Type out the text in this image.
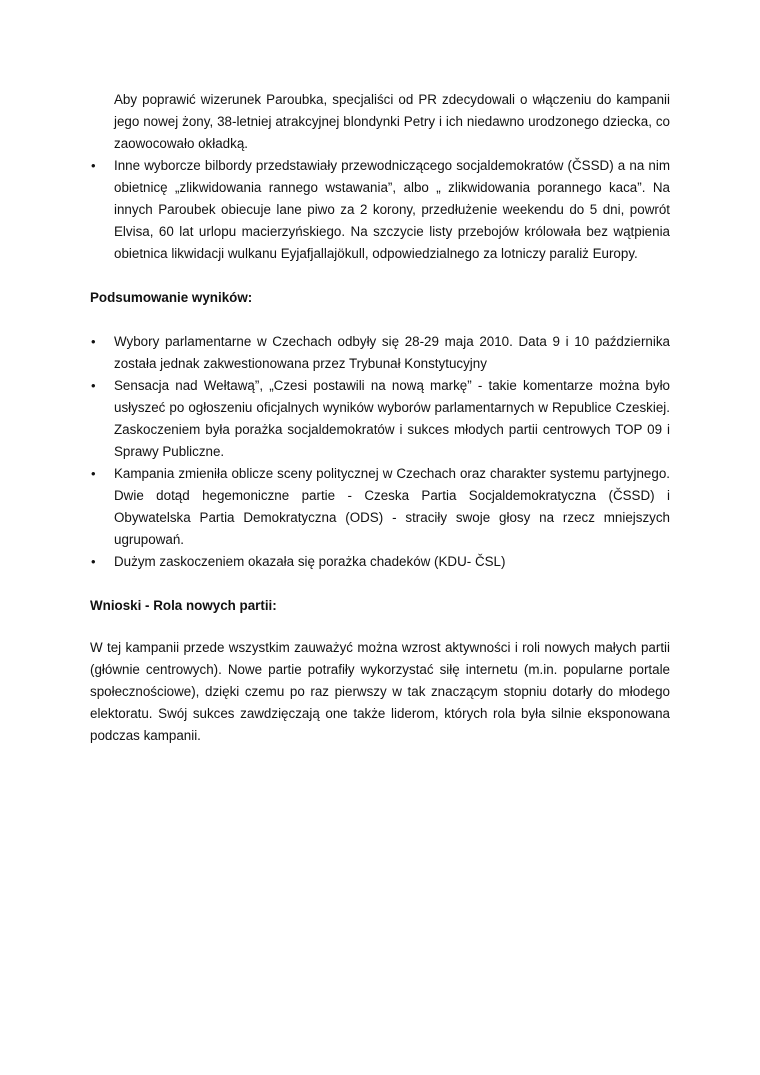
Aby poprawić wizerunek Paroubka, specjaliści od PR zdecydowali o włączeniu do kampanii jego nowej żony, 38-letniej atrakcyjnej blondynki Petry i ich niedawno urodzonego dziecka, co zaowocowało okładką.

• Inne wyborcze bilbordy przedstawiały przewodniczącego socjaldemokratów (ČSSD) a na nim obietnicę „zlikwidowania rannego wstawania”, albo „ zlikwidowania porannego kaca”. Na innych Paroubek obiecuje lane piwo za 2 korony, przedłużenie weekendu do 5 dni, powrót Elvisa, 60 lat urlopu macierzyńskiego. Na szczycie listy przebojów królowała bez wątpienia obietnica likwidacji wulkanu Eyjafjallajökull, odpowiedzialnego za lotniczy paraliż Europy.

Podsumowanie wyników:

• Wybory parlamentarne w Czechach odbyły się 28-29 maja 2010. Data 9 i 10 października została jednak zakwestionowana przez Trybunał Konstytucyjny
• Sensacja nad Wełtawą”, „Czesi postawili na nową markę” - takie komentarze można było usłyszeć po ogłoszeniu oficjalnych wyników wyborów parlamentarnych w Republice Czeskiej. Zaskoczeniem była porażka socjaldemokratów i sukces młodych partii centrowych TOP 09 i Sprawy Publiczne.
• Kampania zmieniła oblicze sceny politycznej w Czechach oraz charakter systemu partyjnego. Dwie dotąd hegemoniczne partie - Czeska Partia Socjaldemokratyczna (ČSSD) i Obywatelska Partia Demokratyczna (ODS) - straciły swoje głosy na rzecz mniejszych ugrupowań.
• Dużym zaskoczeniem okazała się porażka chadeków (KDU- ČSL)

Wnioski - Rola nowych partii:

W tej kampanii przede wszystkim zauważyć można wzrost aktywności i roli nowych małych partii (głównie centrowych). Nowe partie potrafiły wykorzystać siłę internetu (m.in. popularne portale społecznościowe), dzięki czemu po raz pierwszy w tak znaczącym stopniu dotarły do młodego elektoratu. Swój sukces zawdzięczają one także liderom, których rola była silnie eksponowana podczas kampanii.
